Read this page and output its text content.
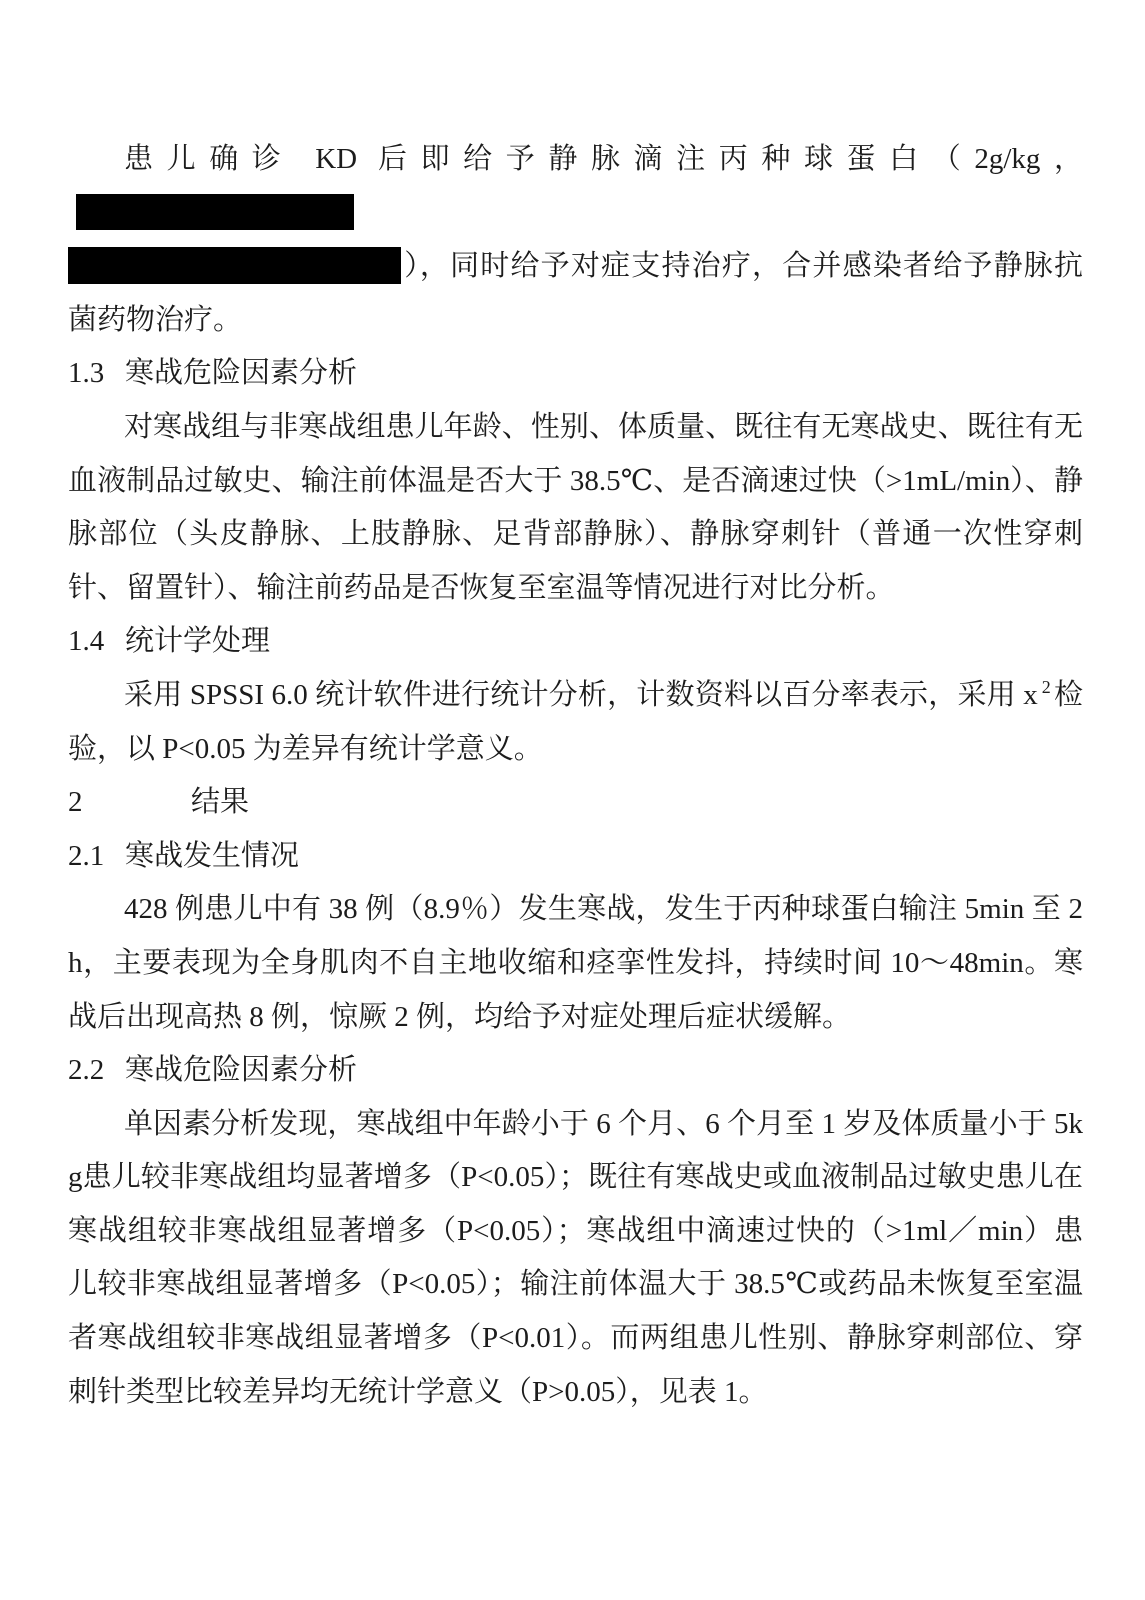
患儿确诊 KD 后即给予静脉滴注丙种球蛋白（2g/kg，
），同时给予对症支持治疗，合并感染者给予静脉抗菌药物治疗。

1.3 寒战危险因素分析

对寒战组与非寒战组患儿年龄、性别、体质量、既往有无寒战史、既往有无血液制品过敏史、输注前体温是否大于 38.5℃、是否滴速过快（>1mL/min）、静脉部位（头皮静脉、上肢静脉、足背部静脉）、静脉穿刺针（普通一次性穿刺针、留置针）、输注前药品是否恢复至室温等情况进行对比分析。

1.4 统计学处理

采用 SPSSI 6.0 统计软件进行统计分析，计数资料以百分率表示，采用 x $^2$ 检验，以 P<0.05 为差异有统计学意义。

2	结果
2.1 寒战发生情况

428 例患儿中有 38 例（8.9％）发生寒战，发生于丙种球蛋白输注 5min 至 2h，主要表现为全身肌肉不自主地收缩和痉挛性发抖，持续时间 10～48min。寒战后出现高热 8 例，惊厥 2 例，均给予对症处理后症状缓解。

2.2 寒战危险因素分析

单因素分析发现，寒战组中年龄小于 6 个月、6 个月至 1 岁及体质量小于 5kg患儿较非寒战组均显著增多（P<0.05）；既往有寒战史或血液制品过敏史患儿在寒战组较非寒战组显著增多（P<0.05）；寒战组中滴速过快的（>1ml／min）患儿较非寒战组显著增多（P<0.05）；输注前体温大于 38.5℃或药品未恢复至室温者寒战组较非寒战组显著增多（P<0.01）。而两组患儿性别、静脉穿刺部位、穿刺针类型比较差异均无统计学意义（P>0.05），见表 1。
